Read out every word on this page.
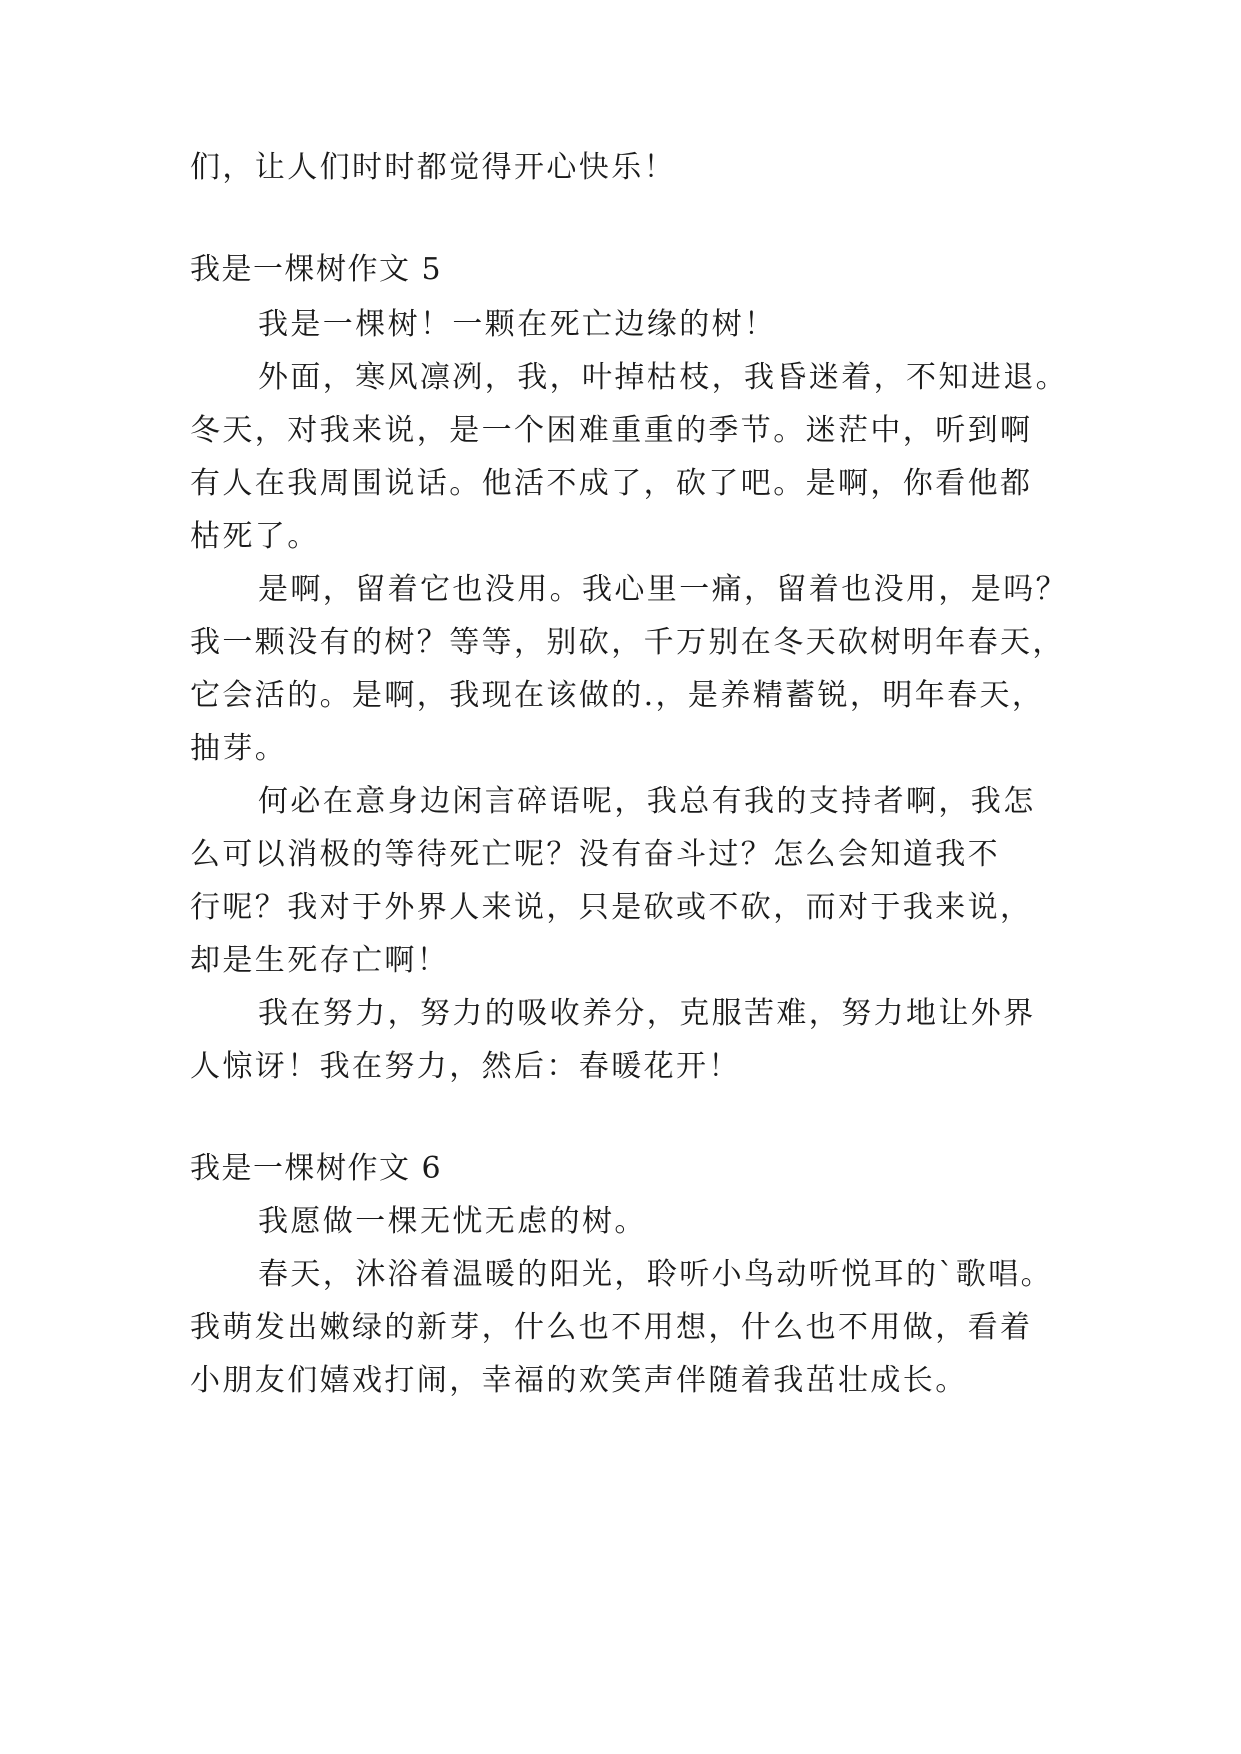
们，让人们时时都觉得开心快乐！
我是一棵树作文 5
我是一棵树！一颗在死亡边缘的树！
外面，寒风凛冽，我，叶掉枯枝，我昏迷着，不知进退。
冬天，对我来说，是一个困难重重的季节。迷茫中，听到啊
有人在我周围说话。他活不成了，砍了吧。是啊，你看他都
枯死了。
是啊，留着它也没用。我心里一痛，留着也没用，是吗？
我一颗没有的树？等等，别砍，千万别在冬天砍树明年春天，
它会活的。是啊，我现在该做的.，是养精蓄锐，明年春天，
抽芽。
何必在意身边闲言碎语呢，我总有我的支持者啊，我怎
么可以消极的等待死亡呢？没有奋斗过？怎么会知道我不
行呢？我对于外界人来说，只是砍或不砍，而对于我来说，
却是生死存亡啊！
我在努力，努力的吸收养分，克服苦难，努力地让外界
人惊讶！我在努力，然后：春暖花开！
我是一棵树作文 6
我愿做一棵无忧无虑的树。
春天，沐浴着温暖的阳光，聆听小鸟动听悦耳的`歌唱。
我萌发出嫩绿的新芽，什么也不用想，什么也不用做，看着
小朋友们嬉戏打闹，幸福的欢笑声伴随着我茁壮成长。
